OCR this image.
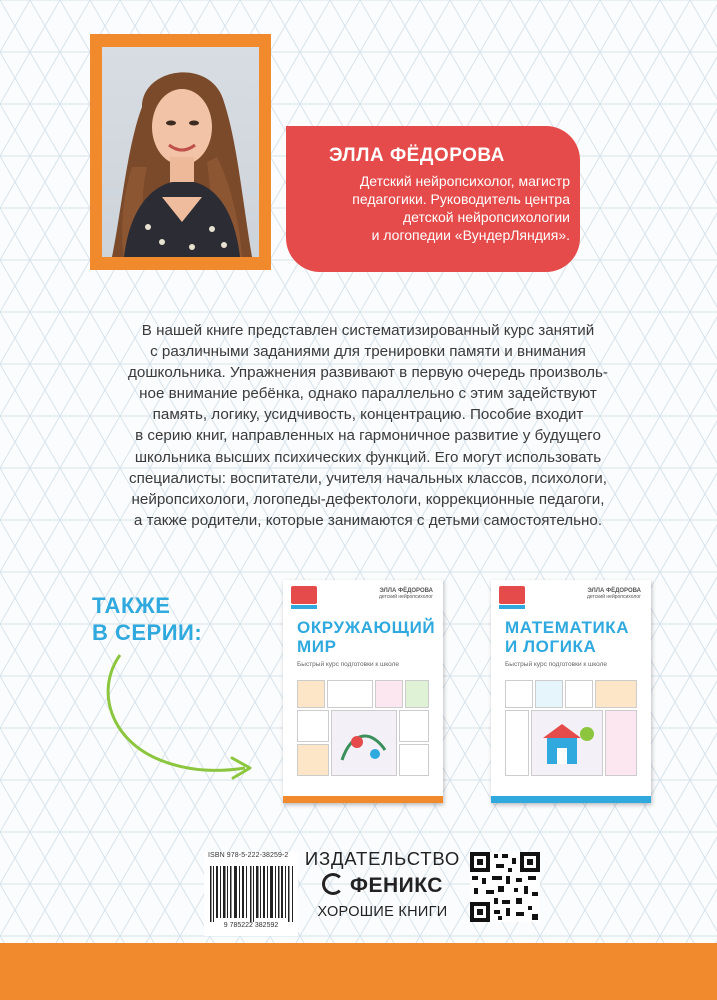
ЭЛЛА ФЁДОРОВА
Детский нейропсихолог, магистр
педагогики. Руководитель центра
детской нейропсихологии
и логопедии «ВундерЛяндия».
В нашей книге представлен систематизированный курс занятий
с различными заданиями для тренировки памяти и внимания
дошкольника. Упражнения развивают в первую очередь произволь-
ное внимание ребёнка, однако параллельно с этим задействуют
память, логику, усидчивость, концентрацию. Пособие входит
в серию книг, направленных на гармоничное развитие у будущего
школьника высших психических функций. Его могут использовать
специалисты: воспитатели, учителя начальных классов, психологи,
нейропсихологи, логопеды-дефектологи, коррекционные педагоги,
а также родители, которые занимаются с детьми самостоятельно.
ТАКЖЕ
В СЕРИИ:
ЭЛЛА ФЁДОРОВА
детский нейропсихолог
ОКРУЖАЮЩИЙ
МИР
Быстрый курс подготовки к школе
ЭЛЛА ФЁДОРОВА
детский нейропсихолог
МАТЕМАТИКА
И ЛОГИКА
Быстрый курс подготовки к школе
ISBN 978-5-222-38259-2
9 785222 382592
ИЗДАТЕЛЬСТВО
ФЕНИКС
ХОРОШИЕ КНИГИ
